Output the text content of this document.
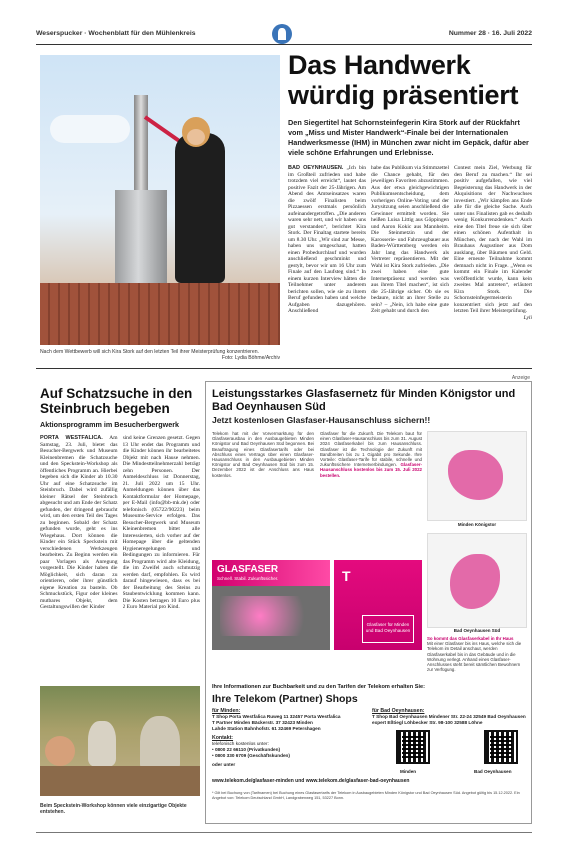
Weserspucker · Wochenblatt für den Mühlenkreis	Nummer 28 · 16. Juli 2022
Nach dem Wettbewerb will sich Kira Stork auf den letzten Teil ihrer Meisterprüfung konzentrieren.
Foto: Lydia Böhme/Archiv
Das Handwerk würdig präsentiert
Den Siegertitel hat Schornsteinfegerin Kira Stork auf der Rückfahrt vom „Miss und Mister Handwerk“-Finale bei der Internationalen Handwerksmesse (IHM) in München zwar nicht im Gepäck, dafür aber viele schöne Erfahrungen und Erlebnisse.
BAD OEYNHAUSEN. „Ich bin im Großteil zufrieden und habe trotzdem viel erreicht“, lautet das positive Fazit der 25-Jährigen. Am Abend des Amtseinsatzes waren die zwölf Finalisten beim Pizzaessen erstmals persönlich aufeinandergetroffen. „Die anderen waren sehr nett, und wir haben uns gut verstanden“, berichtet Kira Stork. Der Finaltag startete bereits um 8.30 Uhr. „Wir sind zur Messe, haben uns umgeschaut, hatten einen Probedurchlauf und wurden anschließend geschminkt und gestylt, bevor wir um 16 Uhr zum Finale auf den Laufsteg sind.“ In einem kurzen Interview hätten die Teilnehmer unter anderem berichten sollen, wie sie zu ihrem Beruf gefunden haben und welche Aufgaben dazugehören. Anschließend
habe das Publikum via Stimmzettel die Chance gehabt, für den jeweiligen Favoriten abzustimmen. Aus der etwa gleichgewichtigen Publikumsentscheidung, dem vorherigen Online-Voting und der Jurysitzung seien anschließend die Gewinner ermittelt worden. Sie heißen Luisa Littig aus Göppingen und Aaron Kokic aus Mannheim. Die Steinmetzin und der Karosserie- und Fahrzeugbauer aus Baden-Württemberg werden ein Jahr lang das Handwerk als Vertreter repräsentieren. Mit der Wahl ist Kira Stork zufrieden. „Die zwei haben eine gute Internetpräsenz und werden was aus ihrem Titel machen“, ist sich die 25-Jährige sicher. Ob sie es bedaure, nicht an ihrer Stelle zu sein? – „Nein, ich habe eine gute Zeit gehabt und durch den
Contest mein Ziel, Werbung für den Beruf zu machen.“ Ihr sei positiv aufgefallen, wie viel Begeisterung das Handwerk in der Akquisitions der Nachwuchses investiert. „Wir kämpfen ans Ende alle für die gleiche Sache. Auch unter uns Finalisten gab es deshalb wenig Konkurrenzdenken.“ Auch eine den Titel freue sie sich über einen schönen Aufenthalt in München, der nach der Wahl im Brauhaus Augustiner aus Dom ausklang, über Bäumen und Geld. Eine erneute Teilnahme kommt demnach nicht in Frage. „Wenn es kommt ein Finale im Kalender veröffentlicht wurde, kann kein zweites Mal antreten“, erläutert Kira Stork. Die Schornsteinfegermeisterin konzentriert sich jetzt auf den letzten Teil ihrer Meisterprüfung.
Lyli
Auf Schatzsuche in den Steinbruch begeben
Aktionsprogramm im Besucherbergwerk
PORTA WESTFALICA. Am Samstag, 23. Juli, bietet das Besucher-Bergwerk und Museum Kleinenbremen die Schatzsuche und den Speckstein-Workshop als öffentliches Programm an. Hierbei begeben sich die Kinder ab 10.30 Uhr auf eine Schatzsuche im Steinbruch. Dabei wird zufällig kleiner Rätsel der Steinbruch abgesucht und am Ende der Schatz gefunden, der dringend gebraucht wird, um den ersten Teil des Tages zu beginnen. Sobald der Schatz gefunden wurde, geht es ins Wiegehaus. Dort können die Kinder ein Stück Speckstein mit verschiedenen Werkzeugen bearbeiten. Zu Beginn werden ein paar Vorlagen als Anregung vorgestellt. Die Kinder haben die Möglichkeit, sich daran zu orientieren, oder ihrer günstlich eigene Kreation zu basteln. Ob Schmuckstück, Figur oder kleines mutbares Objekt, dem Gestaltungswillen der Kinder
sind keine Grenzen gesetzt. Gegen 13 Uhr endet das Programm und die Kinder können ihr bearbeitetes Objekt mit nach Hause nehmen. Die Mindestteilnehmerzahl beträgt zehn Personen. Der Anmeldeschluss ist Donnerstag, 21. Juli 2022 um 15 Uhr. Anmeldungen können über das Kontaktformular der Homepage, per E-Mail (info@bb-mk.de) oder telefonisch (05722/90223) beim Museums-Service erfolgen. Das Besucher-Bergwerk und Museum Kleinenbremen bittet alle Interessierten, sich vorher auf der Homepage über die geltenden Hygieneregelungen und Bedingungen zu informieren. Für das Programm wird alte Kleidung, die im Zweifel auch schmutzig werden darf, empfohlen. Es wird darauf hingewiesen, dass es bei der Bearbeitung des Steins zu Staubentwicklung kommen kann. Die Kosten betragen 10 Euro plus 2 Euro Material pro Kind.
Beim Speckstein-Workshop können viele einzigartige Objekte entstehen.
Anzeige
Leistungsstarkes Glasfasernetz für Minden Königstor und Bad Oeynhausen Süd
Jetzt kostenlosen Glasfaser-Hausanschluss sichern!!
Telekom hat mit der Vorvermarktung für den Glasfaserausbau in den Ausbaugebieten Minden Königstor und Bad Oeynhausen Süd begonnen. Bei Beauftragung eines Glasfasertarifs oder bei Abschluss eines Vertrags über einen Glasfaser-Hausanschluss in den Ausbaugebieten Minden Königstor und Bad Oeynhausen Süd bis zum 15. Dezember 2022 ist der Anschluss ans Haus kostenlos.
Glasfaser für die Zukunft. Die Telekom baut für einen Glasfaser-Hausanschluss bis zum 31. August 2024 Glasfaserkabel bis zum Hausanschluss. Glasfaser ist die Technologie der Zukunft mit Bandbreiten bis zu 1 Gigabit pro Sekunde. Ihre Vorteile: Glasfaser-Tarife für stabile, schnelle und zukunftssichere Internetverbindungen. Glasfaser-Hausanschluss kostenlos bis zum 15. Juli 2022 bestellen.
Minden Königstor
Bad Oeynhausen Süd
So kommt das Glasfaserkabel in Ihr Haus
Mit einer Glasfaser bis ins Haus, welche sich die Telekom im Detail anschaut, werden Glasfaserkabel bis in das Gebäude und in die Wohnung verlegt. Anhand eines Glasfaser-Anschlusses steht bereit sämtlichen Bewohnern zur Verfügung.
GLASFASER
Schnell. Stabil. Zukunftssicher.	T
Glasfaser für Minden und Bad Oeynhausen
Ihre Informationen zur Buchbarkeit und zu den Tarifen der Telekom erhalten Sie:
Ihre Telekom (Partner) Shops
für Minden:
T Shop Porta Westfalica Ruweg 11 32457 Porta Westfalica
T Partner Minden Bäckerstr. 37 32423 Minden
Lahde Station Bahnhofstr. 61 32469 Petershagen
Kontakt:
telefonisch kostenlos unter:
• 0800 22 66110 (Privatkunden)
• 0800 330 6709 (Geschäftskunden)
oder unter
für Bad Oeynhausen:
T Shop Bad Oeynhausen Mindener Str. 22-24 32549 Bad Oeynhausen
expert Eßtiegl Löhbecker Str. 98-100 32588 Löhne
Minden	Bad Oeynhausen
www.telekom.de/glasfaser-minden und www.telekom.de/glasfaser-bad-oeynhausen
* Gilt bei Buchung von (Tarifnamen) bei Buchung eines Glasfasertarifs der Telekom in Ausbaugebieten Minden Königstor und Bad Oeynhausen Süd. Angebot gültig bis 15.12.2022. Ein Angebot von: Telekom Deutschland GmbH, Landgrabenweg 151, 53227 Bonn.
